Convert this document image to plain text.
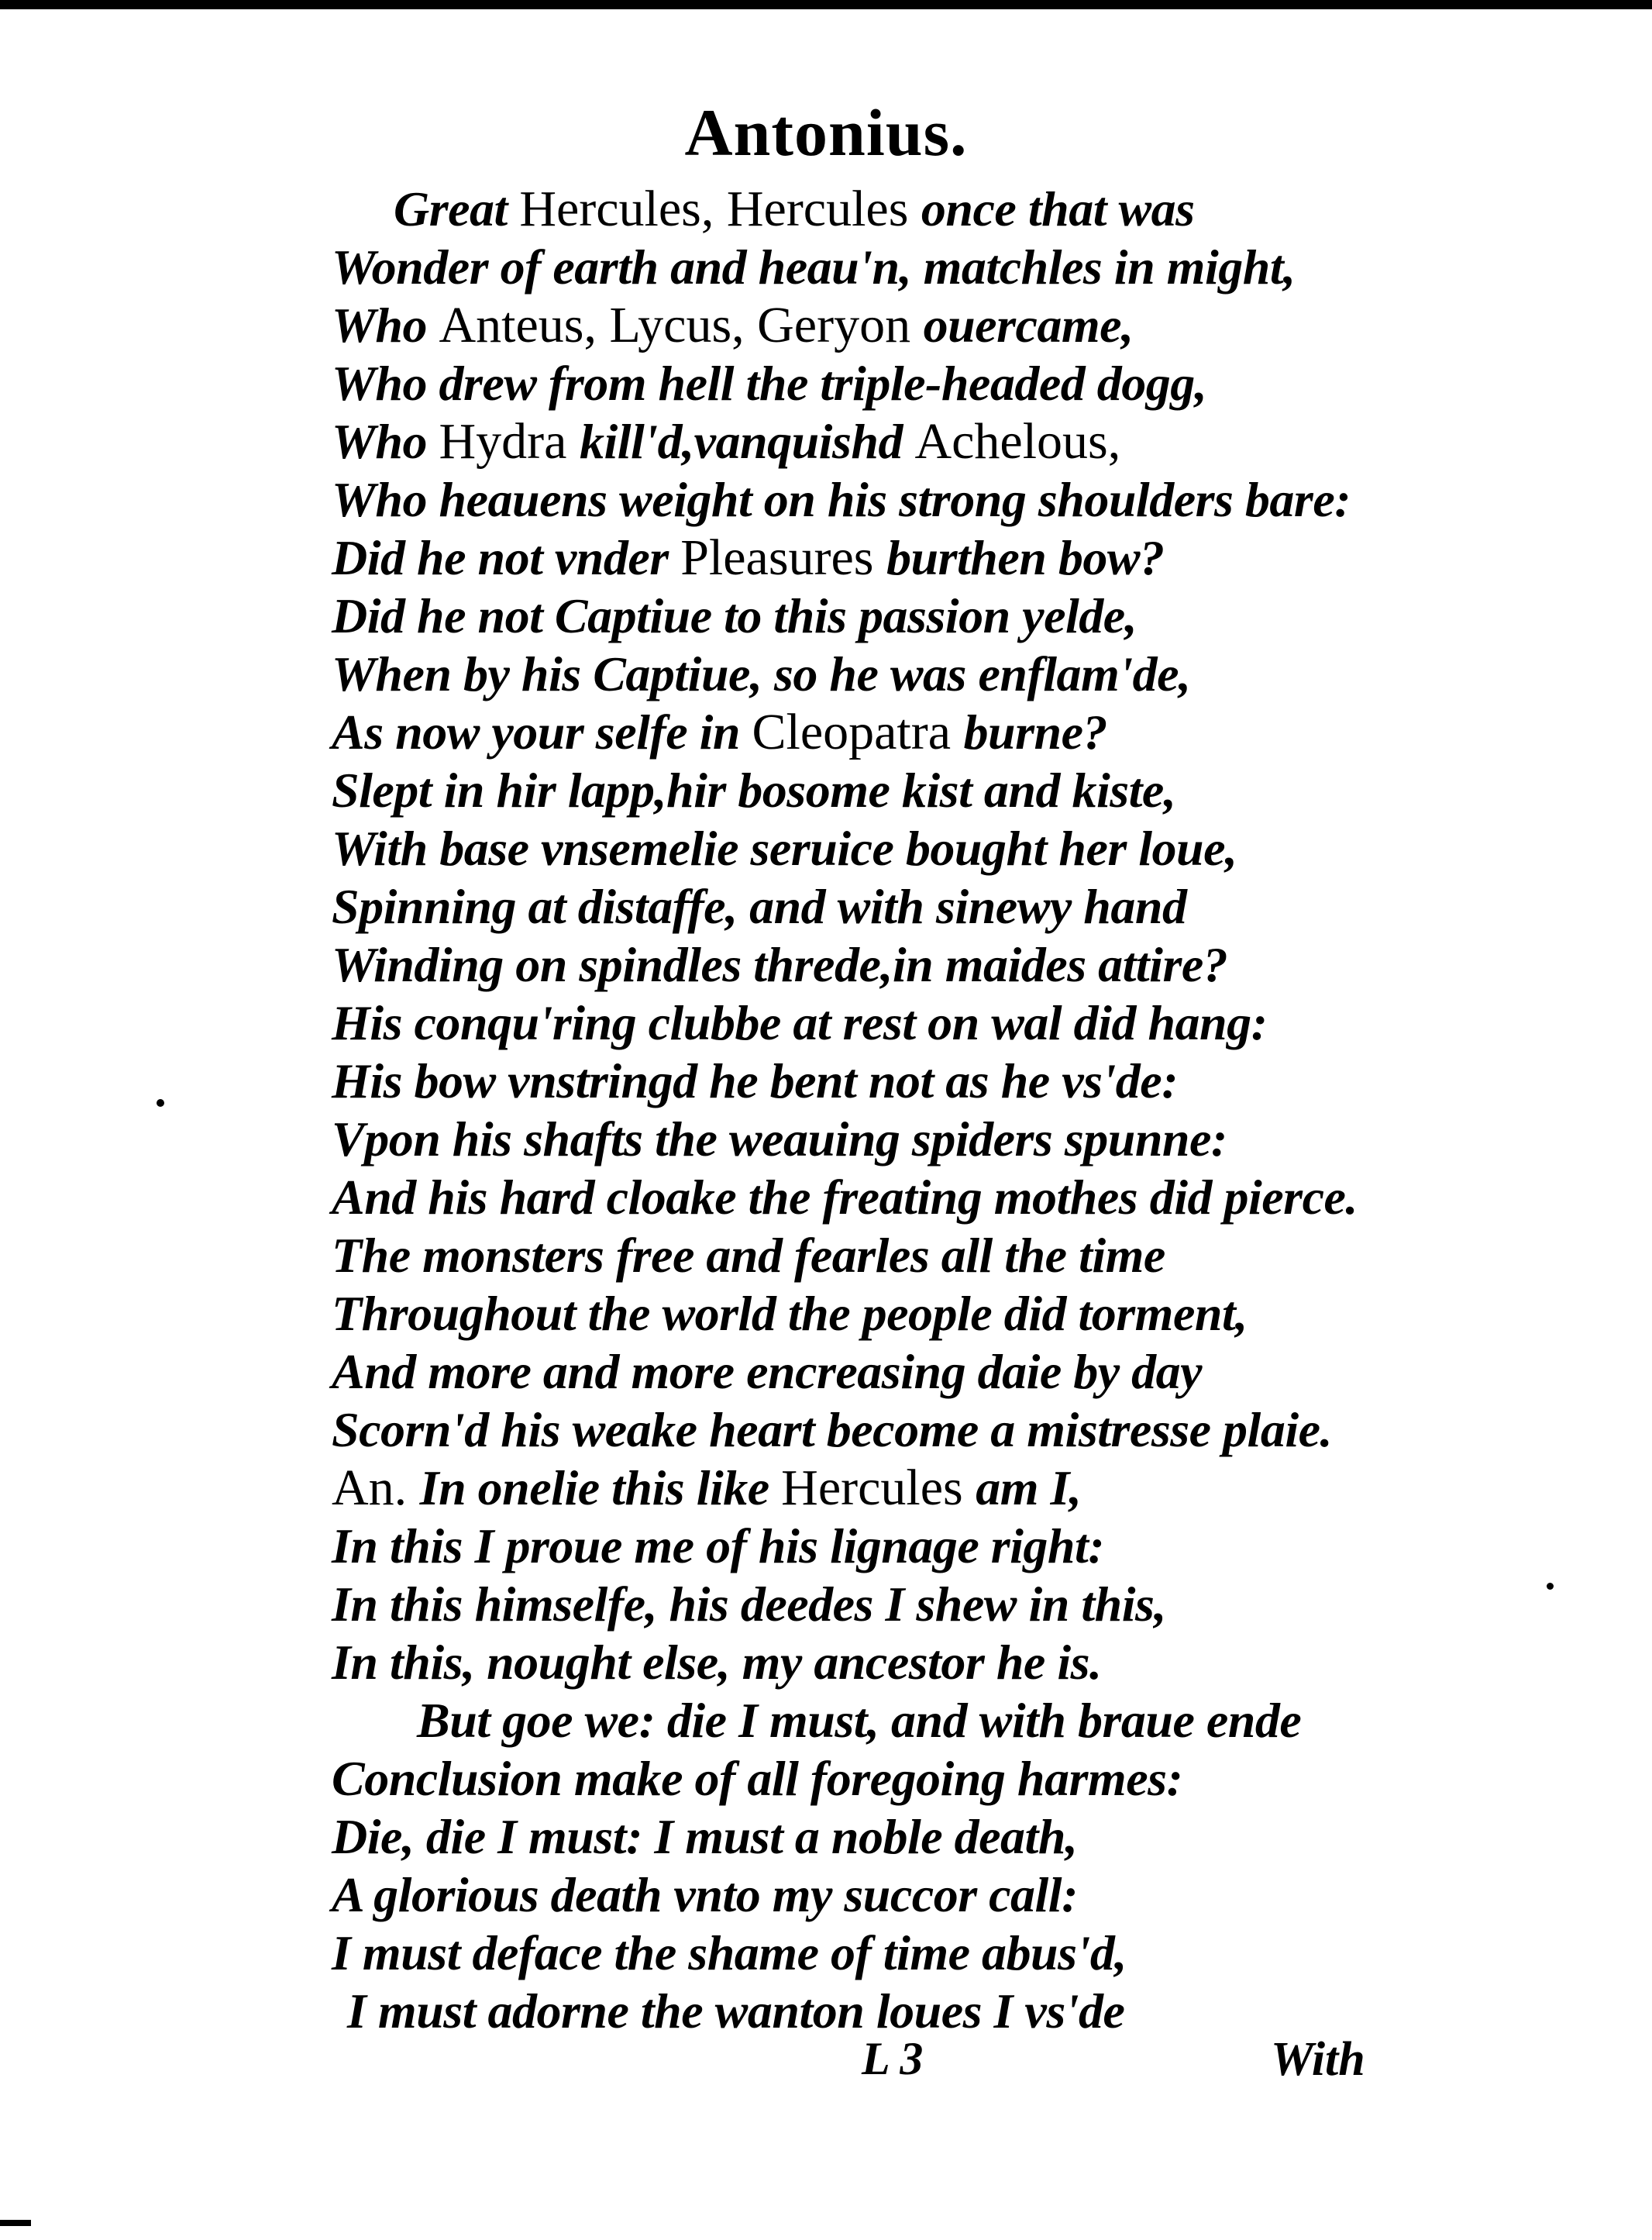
Antonius.
Great Hercules, Hercules once that was
Wonder of earth and heau'n, matchles in might,
Who Anteus, Lycus, Geryon ouercame,
Who drew from hell the triple-headed dogg,
Who Hydra kill'd,vanquishd Achelous,
Who heauens weight on his strong shoulders bare:
Did he not vnder Pleasures burthen bow?
Did he not Captiue to this passion yelde,
When by his Captiue, so he was enflam'de,
As now your selfe in Cleopatra burne?
Slept in hir lapp,hir bosome kist and kiste,
With base vnsemelie seruice bought her loue,
Spinning at distaffe, and with sinewy hand
Winding on spindles threde,in maides attire?
His conqu'ring clubbe at rest on wal did hang:
His bow vnstringd he bent not as he vs'de:
Vpon his shafts the weauing spiders spunne:
And his hard cloake the freating mothes did pierce.
The monsters free and fearles all the time
Throughout the world the people did torment,
And more and more encreasing daie by day
Scorn'd his weake heart become a mistresse plaie.
An. In onelie this like Hercules am I,
In this I proue me of his lignage right:
In this himselfe, his deedes I shew in this,
In this, nought else, my ancestor he is.
But goe we: die I must, and with braue ende
Conclusion make of all foregoing harmes:
Die, die I must: I must a noble death,
A glorious death vnto my succor call:
I must deface the shame of time abus'd,
I must adorne the wanton loues I vs'de
L 3	With
